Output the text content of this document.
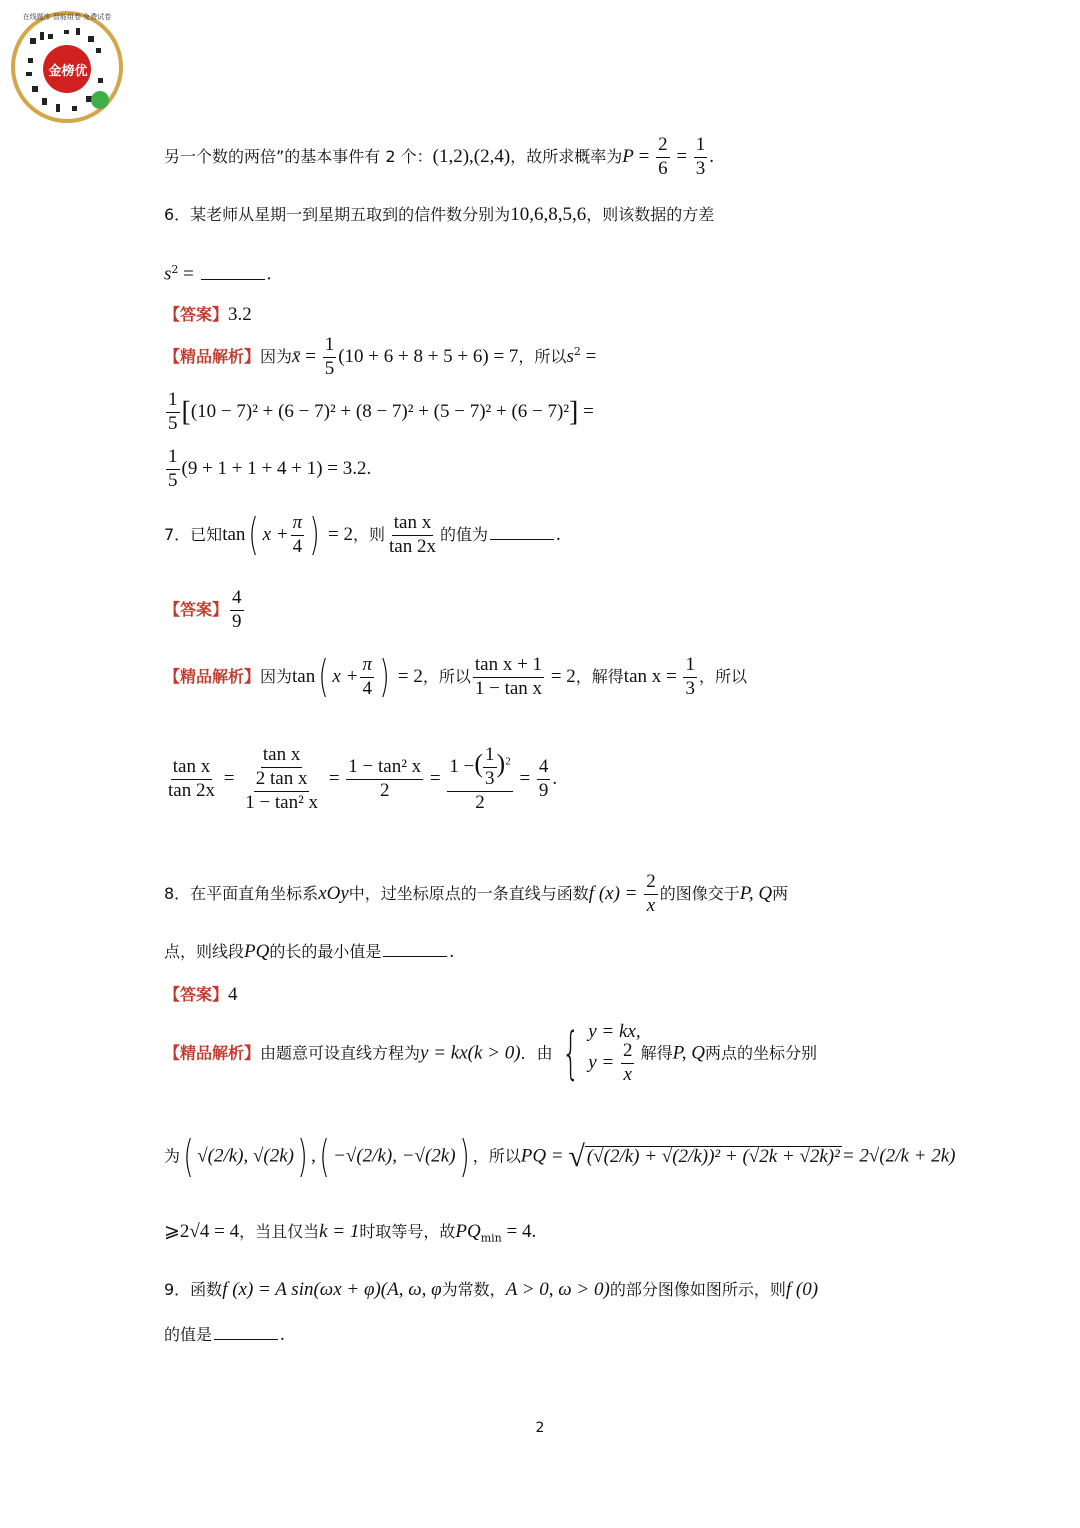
金榜优
在线题库 智能组卷 免费试卷
另一个数的两倍”的基本事件有 2 个：(1,2),(2,4)，故所求概率为$P = \frac{2}{6} = \frac{1}{3}$ .
6．某老师从星期一到星期五取到的信件数分别为10,6,8,5,6，则该数据的方差
$s^2$ =	.
【答案】3.2
【精品解析】因为x̄ = $\frac{1}{5} (10 + 6 + 8 + 5 + 6) = 7$，所以$s^2$ =
$\frac{1}{5} [(10 - 7)^2 + (6 - 7)^2 + (8 - 7)^2 + (5 - 7)^2 + (6 - 7)^2]$ =
$\frac{1}{5} (9 + 1 + 1 + 4 + 1) = 3.2$.
7．已知tan( $x + \frac{\pi}{4}$ ) = 2，则 $\frac{\text{tan x}}{\tan 2x}$ 的值为	.
【答案】 $\frac{4}{9}$
【精品解析】因为tan( $x + \frac{\pi}{4}$ ) = 2，所以 $\frac{\text{tan x + 1}}{\text{1 − tan x}} = 2$，解得$\tan x = \frac{1}{3}$ ，所以
$\frac{\text{tan x}}{\tan 2x} = \frac{\text{tan x}}{\frac{\text{2 tan x}}{\text{1 − tan² x}}} = \frac{\text{1 − tan² x}}{2} = \frac{1 -( \frac{1}{3} )^2}{2} = \frac{4}{9}$ .
8．在平面直角坐标系xOy中，过坐标原点的一条直线与函数f $(x) = \frac{2}{x}$ 的图像交于P, Q两
点，则线段PQ的长的最小值是	.
【答案】4
【精品解析】由题意可设直线方程为y = kx(k > 0)．由 { y = kx,
$y = \frac{2}{x}$ 解得P, Q两点的坐标分别
为( √(2/k), √(2k)) ,( −√(2/k), −√(2k)) ，所以PQ = √ (√(2/k) + √(2/k))² + (√2k + √2k)² = 2√(2/k + 2k)
⩾2√4 = 4，当且仅当k = 1时取等号，故$PQ_{min} = 4$.
9．函数f (x) = A sin(ωx + φ)(A, ω, φ为常数，A > 0, ω > 0)的部分图像如图所示，则f (0)
的值是	.
2
